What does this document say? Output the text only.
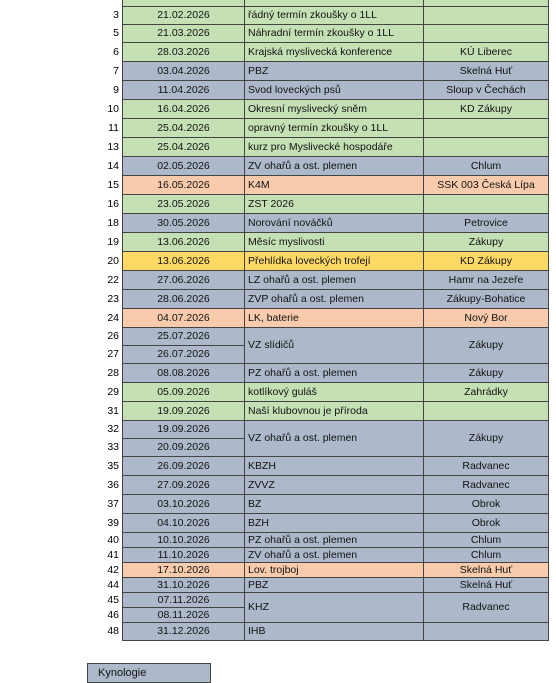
3	21.02.2026	řádný termín zkoušky o 1LL	
5	21.03.2026	Náhradní termín zkoušky o 1LL	
6	28.03.2026	Krajská myslivecká konference	KÚ Liberec
7	03.04.2026	PBZ	Skelná Huť
9	11.04.2026	Svod loveckých psů	Sloup v Čechách
10	16.04.2026	Okresní myslivecký sněm	KD Zákupy
11	25.04.2026	opravný termín zkoušky o 1LL	
13	25.04.2026	kurz pro Myslivecké hospodáře	
14	02.05.2026	ZV ohařů a ost. plemen	Chlum
15	16.05.2026	K4M	SSK 003 Česká Lípa
16	23.05.2026	ZST 2026	
18	30.05.2026	Norování nováčků	Petrovice
19	13.06.2026	Měsíc myslivosti	Zákupy
20	13.06.2026	Přehlídka loveckých trofejí	KD Zákupy
22	27.06.2026	LZ ohařů a ost. plemen	Hamr na Jezeře
23	28.06.2026	ZVP ohařů a ost. plemen	Zákupy-Bohatice
24	04.07.2026	LK, baterie	Nový Bor
26	25.07.2026	VZ slídičů	Zákupy
27	26.07.2026		
28	08.08.2026	PZ ohařů a ost. plemen	Zákupy
29	05.09.2026	kotlíkový guláš	Zahrádky
31	19.09.2026	Naší klubovnou je příroda	
32	19.09.2026	VZ ohařů a ost. plemen	Zákupy
33	20.09.2026		
35	26.09.2026	KBZH	Radvanec
36	27.09.2026	ZVVZ	Radvanec
37	03.10.2026	BZ	Obrok
39	04.10.2026	BZH	Obrok
40	10.10.2026	PZ ohařů a ost. plemen	Chlum
41	11.10.2026	ZV ohařů a ost. plemen	Chlum
42	17.10.2026	Lov. trojboj	Skelná Huť
44	31.10.2026	PBZ	Skelná Huť
45	07.11.2026	KHZ	Radvanec
46	08.11.2026		
48	31.12.2026	IHB	
Kynologie
